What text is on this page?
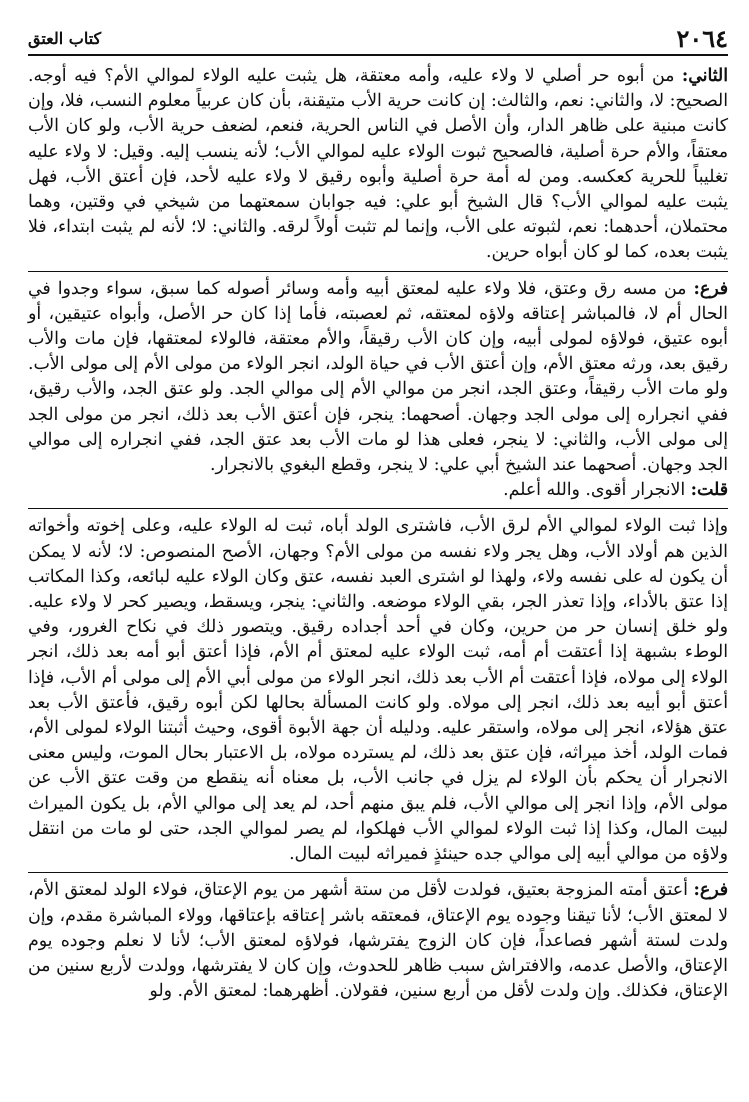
٢٠٦٤
كتاب العتق

الثاني: من أبوه حر أصلي لا ولاء عليه، وأمه معتقة، هل يثبت عليه الولاء لموالي الأم؟ فيه أوجه. الصحيح: لا، والثاني: نعم، والثالث: إن كانت حرية الأب متيقنة، بأن كان عربياً معلوم النسب، فلا، وإن كانت مبنية على ظاهر الدار، وأن الأصل في الناس الحرية، فنعم، لضعف حرية الأب، ولو كان الأب معتقاً، والأم حرة أصلية، فالصحيح ثبوت الولاء عليه لموالي الأب؛ لأنه ينسب إليه. وقيل: لا ولاء عليه تغليباً للحرية كعكسه. ومن له أمة حرة أصلية وأبوه رقيق لا ولاء عليه لأحد، فإن أعتق الأب، فهل يثبت عليه لموالي الأب؟ قال الشيخ أبو علي: فيه جوابان سمعتهما من شيخي في وقتين، وهما محتملان، أحدهما: نعم، لثبوته على الأب، وإنما لم تثبت أولاً لرقه. والثاني: لا؛ لأنه لم يثبت ابتداء، فلا يثبت بعده، كما لو كان أبواه حرين.

فرع: من مسه رق وعتق، فلا ولاء عليه لمعتق أبيه وأمه وسائر أصوله كما سبق، سواء وجدوا في الحال أم لا، فالمباشر إعتاقه ولاؤه لمعتقه، ثم لعصبته، فأما إذا كان حر الأصل، وأبواه عتيقين، أو أبوه عتيق، فولاؤه لمولى أبيه، وإن كان الأب رقيقاً، والأم معتقة، فالولاء لمعتقها، فإن مات والأب رقيق بعد، ورثه معتق الأم، وإن أعتق الأب في حياة الولد، انجر الولاء من مولى الأم إلى مولى الأب. ولو مات الأب رقيقاً، وعتق الجد، انجر من موالي الأم إلى موالي الجد. ولو عتق الجد، والأب رقيق، ففي انجراره إلى مولى الجد وجهان. أصحهما: ينجر، فإن أعتق الأب بعد ذلك، انجر من مولى الجد إلى مولى الأب، والثاني: لا ينجر، فعلى هذا لو مات الأب بعد عتق الجد، ففي انجراره إلى موالي الجد وجهان. أصحهما عند الشيخ أبي علي: لا ينجر، وقطع البغوي بالانجرار.

قلت: الانجرار أقوى. والله أعلم.

وإذا ثبت الولاء لموالي الأم لرق الأب، فاشترى الولد أباه، ثبت له الولاء عليه، وعلى إخوته وأخواته الذين هم أولاد الأب، وهل يجر ولاء نفسه من مولى الأم؟ وجهان، الأصح المنصوص: لا؛ لأنه لا يمكن أن يكون له على نفسه ولاء، ولهذا لو اشترى العبد نفسه، عتق وكان الولاء عليه لبائعه، وكذا المكاتب إذا عتق بالأداء، وإذا تعذر الجر، بقي الولاء موضعه. والثاني: ينجر، ويسقط، ويصير كحر لا ولاء عليه. ولو خلق إنسان حر من حرين، وكان في أحد أجداده رقيق. ويتصور ذلك في نكاح الغرور، وفي الوطء بشبهة إذا أعتقت أم أمه، ثبت الولاء عليه لمعتق أم الأم، فإذا أعتق أبو أمه بعد ذلك، انجر الولاء إلى مولاه، فإذا أعتقت أم الأب بعد ذلك، انجر الولاء من مولى أبي الأم إلى مولى أم الأب، فإذا أعتق أبو أبيه بعد ذلك، انجر إلى مولاه. ولو كانت المسألة بحالها لكن أبوه رقيق، فأعتق الأب بعد عتق هؤلاء، انجر إلى مولاه، واستقر عليه. ودليله أن جهة الأبوة أقوى، وحيث أثبتنا الولاء لمولى الأم، فمات الولد، أخذ ميراثه، فإن عتق بعد ذلك، لم يسترده مولاه، بل الاعتبار بحال الموت، وليس معنى الانجرار أن يحكم بأن الولاء لم يزل في جانب الأب، بل معناه أنه ينقطع من وقت عتق الأب عن مولى الأم، وإذا انجر إلى موالي الأب، فلم يبق منهم أحد، لم يعد إلى موالي الأم، بل يكون الميراث لبيت المال، وكذا إذا ثبت الولاء لموالي الأب فهلكوا، لم يصر لموالي الجد، حتى لو مات من انتقل ولاؤه من موالي أبيه إلى موالي جده حينئذٍ فميراثه لبيت المال.

فرع: أعتق أمته المزوجة بعتيق، فولدت لأقل من ستة أشهر من يوم الإعتاق، فولاء الولد لمعتق الأم، لا لمعتق الأب؛ لأنا تيقنا وجوده يوم الإعتاق، فمعتقه باشر إعتاقه بإعتاقها، وولاء المباشرة مقدم، وإن ولدت لستة أشهر فصاعداً، فإن كان الزوج يفترشها، فولاؤه لمعتق الأب؛ لأنا لا نعلم وجوده يوم الإعتاق، والأصل عدمه، والافتراش سبب ظاهر للحدوث، وإن كان لا يفترشها، وولدت لأربع سنين من الإعتاق، فكذلك. وإن ولدت لأقل من أربع سنين، فقولان. أظهرهما: لمعتق الأم. ولو
